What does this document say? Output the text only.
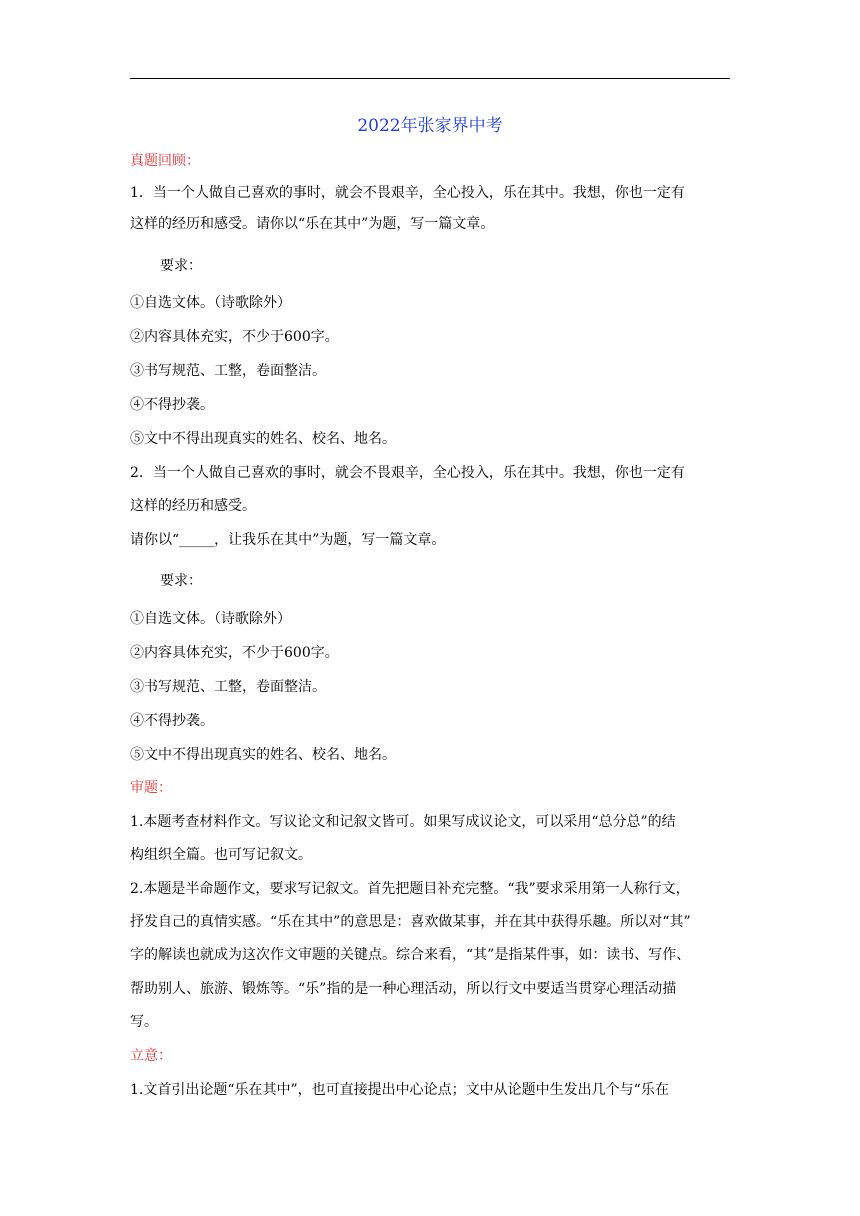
2022年张家界中考
真题回顾：
1．当一个人做自己喜欢的事时，就会不畏艰辛，全心投入，乐在其中。我想，你也一定有
这样的经历和感受。请你以“乐在其中”为题，写一篇文章。
要求：
①自选文体。（诗歌除外）
②内容具体充实，不少于600字。
③书写规范、工整，卷面整洁。
④不得抄袭。
⑤文中不得出现真实的姓名、校名、地名。
2．当一个人做自己喜欢的事时，就会不畏艰辛，全心投入，乐在其中。我想，你也一定有
这样的经历和感受。
请你以“_____，让我乐在其中”为题，写一篇文章。
要求：
①自选文体。（诗歌除外）
②内容具体充实，不少于600字。
③书写规范、工整，卷面整洁。
④不得抄袭。
⑤文中不得出现真实的姓名、校名、地名。
审题：
1.本题考查材料作文。写议论文和记叙文皆可。如果写成议论文，可以采用“总分总”的结
构组织全篇。也可写记叙文。
2.本题是半命题作文，要求写记叙文。首先把题目补充完整。“我”要求采用第一人称行文，
抒发自己的真情实感。“乐在其中”的意思是：喜欢做某事，并在其中获得乐趣。所以对“其”
字的解读也就成为这次作文审题的关键点。综合来看，“其”是指某件事，如：读书、写作、
帮助别人、旅游、锻炼等。“乐”指的是一种心理活动，所以行文中要适当贯穿心理活动描
写。
立意：
1.文首引出论题“乐在其中”，也可直接提出中心论点；文中从论题中生发出几个与“乐在
